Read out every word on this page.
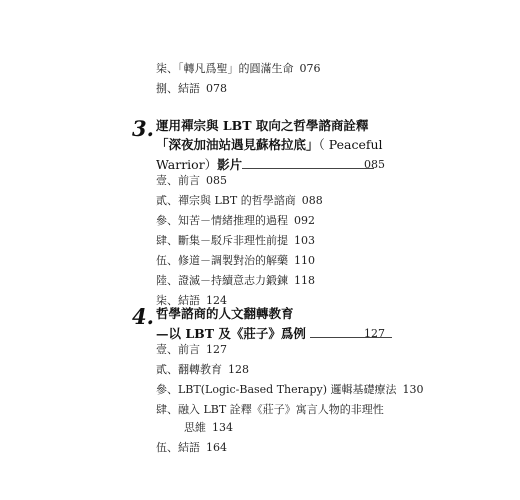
柒、「轉凡爲聖」的圓滿生命 076
捌、結語 078
3. 運用禪宗與 LBT 取向之哲學諮商詮釋
「深夜加油站遇見蘇格拉底」（ Peaceful
Warrior）影片	085
壹、前言 085
貳、禪宗與 LBT 的哲學諮商 088
參、知苦－情緒推理的過程 092
肆、斷集－駁斥非理性前提 103
伍、修道－調製對治的解藥 110
陸、證滅－持續意志力鍛鍊 118
柒、結語 124
4. 哲學諮商的人文翻轉教育
—以 LBT 及《莊子》爲例	127
壹、前言 127
貳、翻轉教育 128
參、LBT(Logic-Based Therapy) 邏輯基礎療法 130
肆、融入 LBT 詮釋《莊子》寓言人物的非理性
思維 134
伍、結語 164
